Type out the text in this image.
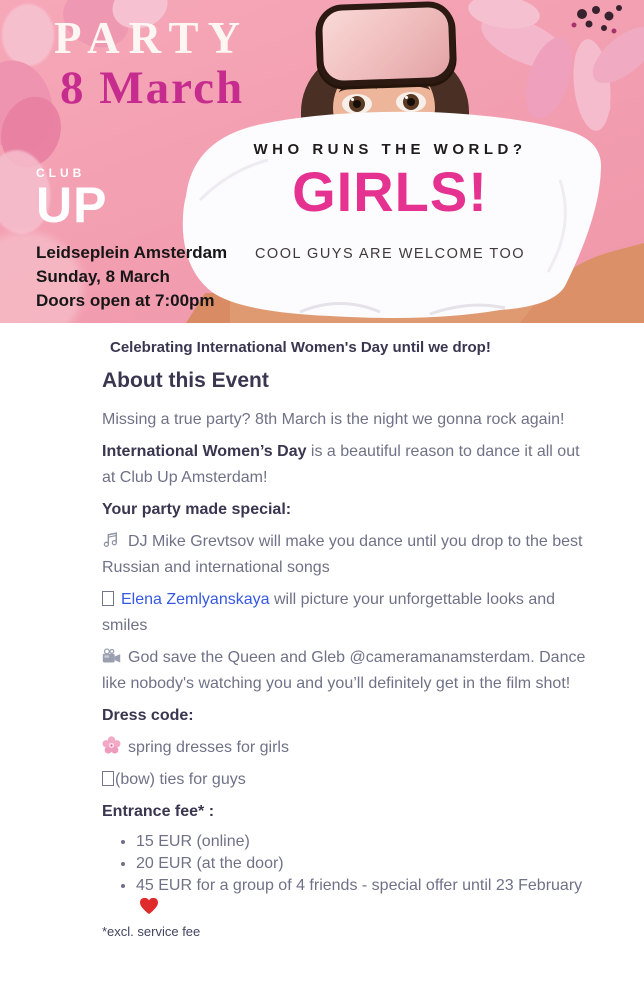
WHO RUNS THE WORLD?
GIRLS!
COOL GUYS ARE WELCOME TOO
PARTY
8 March
CLUB
UP
Leidseplein Amsterdam
Sunday, 8 March
Doors open at 7:00pm

Celebrating International Women's Day until we drop!

About this Event

Missing a true party? 8th March is the night we gonna rock again!

International Women’s Day is a beautiful reason to dance it all out at Club Up Amsterdam!

Your party made special:

DJ Mike Grevtsov will make you dance until you drop to the best Russian and international songs

Elena Zemlyanskaya will picture your unforgettable looks and smiles

God save the Queen and Gleb @cameramanamsterdam. Dance like nobody's watching you and you’ll definitely get in the film shot!

Dress code:

spring dresses for girls

(bow) ties for guys

Entrance fee* :

• 15 EUR (online)
• 20 EUR (at the door)
• 45 EUR for a group of 4 friends - special offer until 23 February

*excl. service fee
